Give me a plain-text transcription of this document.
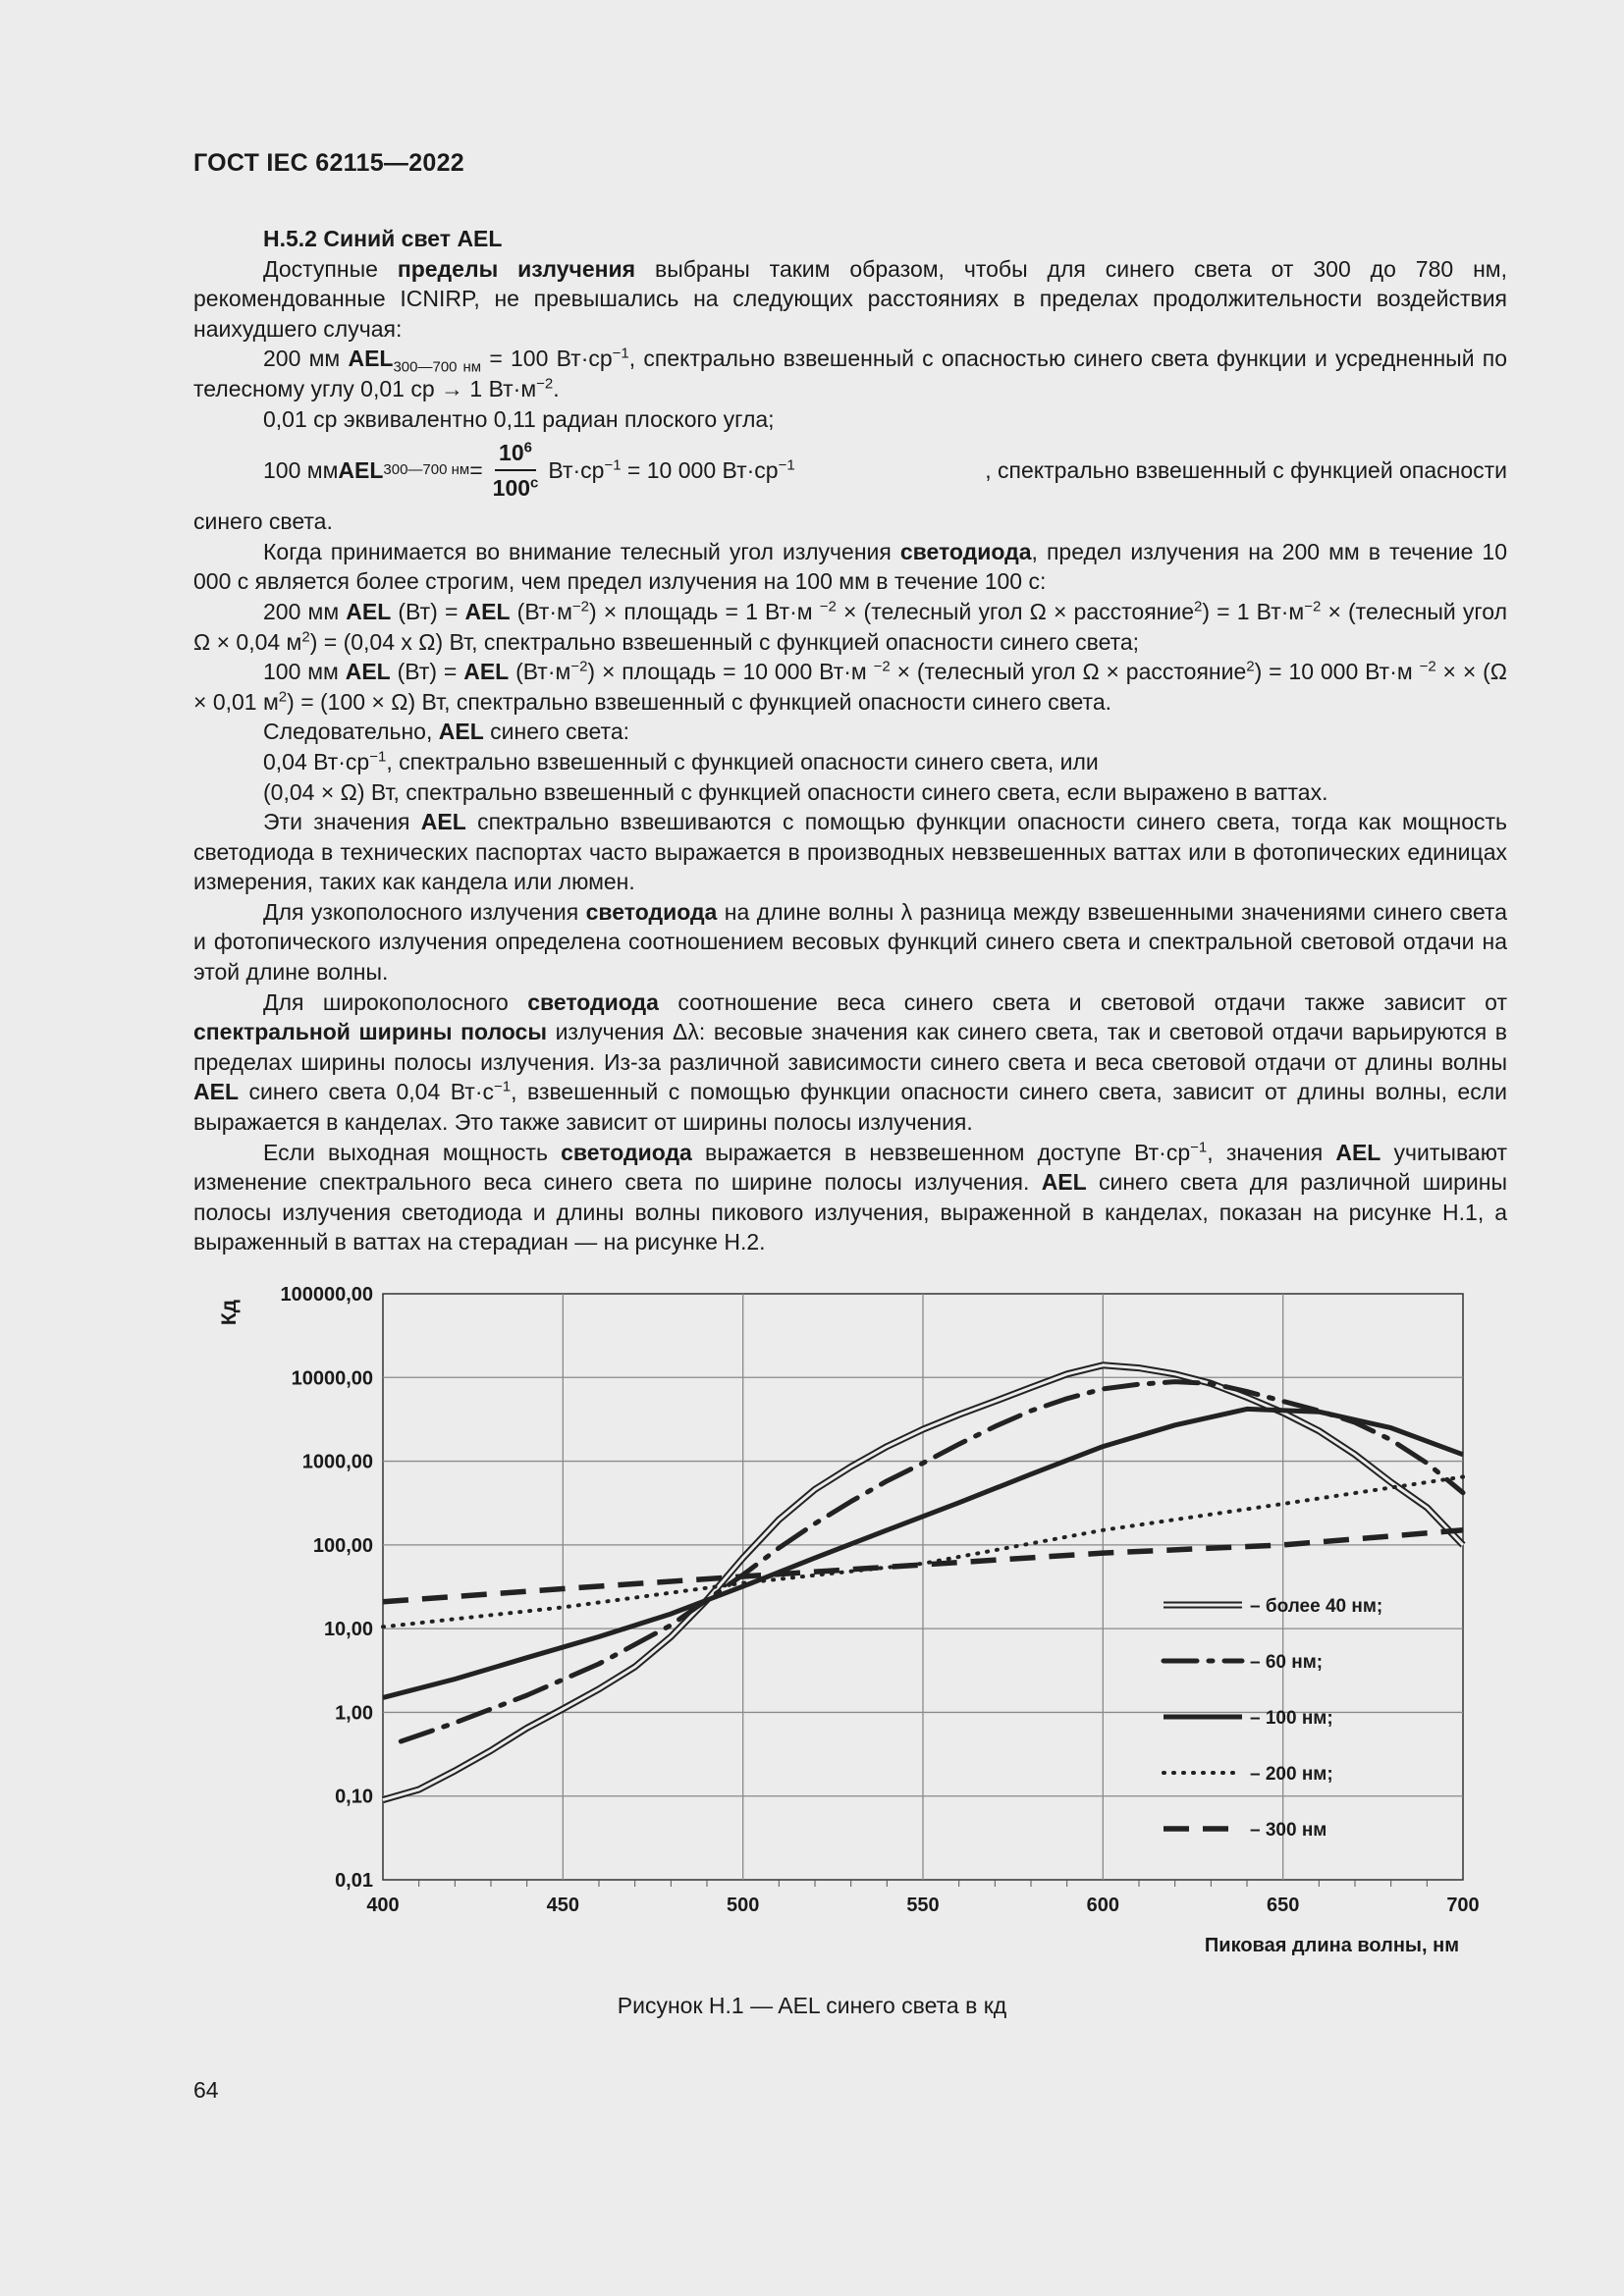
ГОСТ IEC 62115—2022

H.5.2 Синий свет AEL

Доступные пределы излучения выбраны таким образом, чтобы для синего света от 300 до 780 нм, рекомендованные ICNIRP, не превышались на следующих расстояниях в пределах продолжительности воздействия наихудшего случая:

200 мм $AEL_{300—700 нм} = 100$ $Вт\cdot ср^{-1}$, спектрально взвешенный с опасностью синего света функции и усредненный по телесному углу 0,01 ср → 1 $Вт\cdot м^{-2}$.

0,01 ср эквивалентно 0,11 радиан плоского угла;

100 мм AEL 300—700 нм = $\frac{10^6}{100^c} Вт\cdot ср^{-1} = 10$ 000 $Вт\cdot ср^{-1}$	, спектрально взвешенный с функцией опасности

синего света.

Когда принимается во внимание телесный угол излучения светодиода, предел излучения на 200 мм в течение 10 000 с является более строгим, чем предел излучения на 100 мм в течение 100 с:

200 мм AEL (Вт) = AEL $(Вт\cdot м^{-2})$ × площадь = 1 Вт·м $^{-2}$ × (телесный угол Ω × расстояние$^2$) = 1 $Вт\cdot м^{-2}$ × (телесный угол Ω × 0,04 $м^2) = (0,04$ x Ω) Вт, спектрально взвешенный с функцией опасности синего света;

100 мм AEL (Вт) = AEL $(Вт\cdot м^{-2})$ × площадь = 10 000 Вт·м $^{-2}$ × (телесный угол Ω × расстояние$^2$) = 10 000 Вт·м $^{-2}$ × × (Ω × 0,01 $м^2) = (100 \times \Omega)$ Вт, спектрально взвешенный с функцией опасности синего света.

Следовательно, AEL синего света:

0,04 $Вт\cdot ср^{-1}$, спектрально взвешенный с функцией опасности синего света, или

(0,04 × Ω) Вт, спектрально взвешенный с функцией опасности синего света, если выражено в ваттах.

Эти значения AEL спектрально взвешиваются с помощью функции опасности синего света, тогда как мощность светодиода в технических паспортах часто выражается в производных невзвешенных ваттах или в фотопических единицах измерения, таких как кандела или люмен.

Для узкополосного излучения светодиода на длине волны λ разница между взвешенными значениями синего света и фотопического излучения определена соотношением весовых функций синего света и спектральной световой отдачи на этой длине волны.

Для широкополосного светодиода соотношение веса синего света и световой отдачи также зависит от спектральной ширины полосы излучения Δλ: весовые значения как синего света, так и световой отдачи варьируются в пределах ширины полосы излучения. Из-за различной зависимости синего света и веса световой отдачи от длины волны AEL синего света 0,04 $Вт\cdot с^{-1}$, взвешенный с помощью функции опасности синего света, зависит от длины волны, если выражается в канделах. Это также зависит от ширины полосы излучения.

Если выходная мощность светодиода выражается в невзвешенном доступе $Вт\cdot ср^{-1}$, значения AEL учитывают изменение спектрального веса синего света по ширине полосы излучения. AEL синего света для различной ширины полосы излучения светодиода и длины волны пикового излучения, выраженной в канделах, показан на рисунке H.1, а выраженный в ваттах на стерадиан — на рисунке H.2.

400	450	500	550	600	650	700
0,01
0,10
1,00
10,00
100,00
1000,00
10000,00
100000,00
Пиковая длина волны, нм
Кд
– более 40 нм;
– 60 нм;
– 100 нм;
– 200 нм;
– 300 нм
Рисунок H.1 — AEL синего света в кд
64
